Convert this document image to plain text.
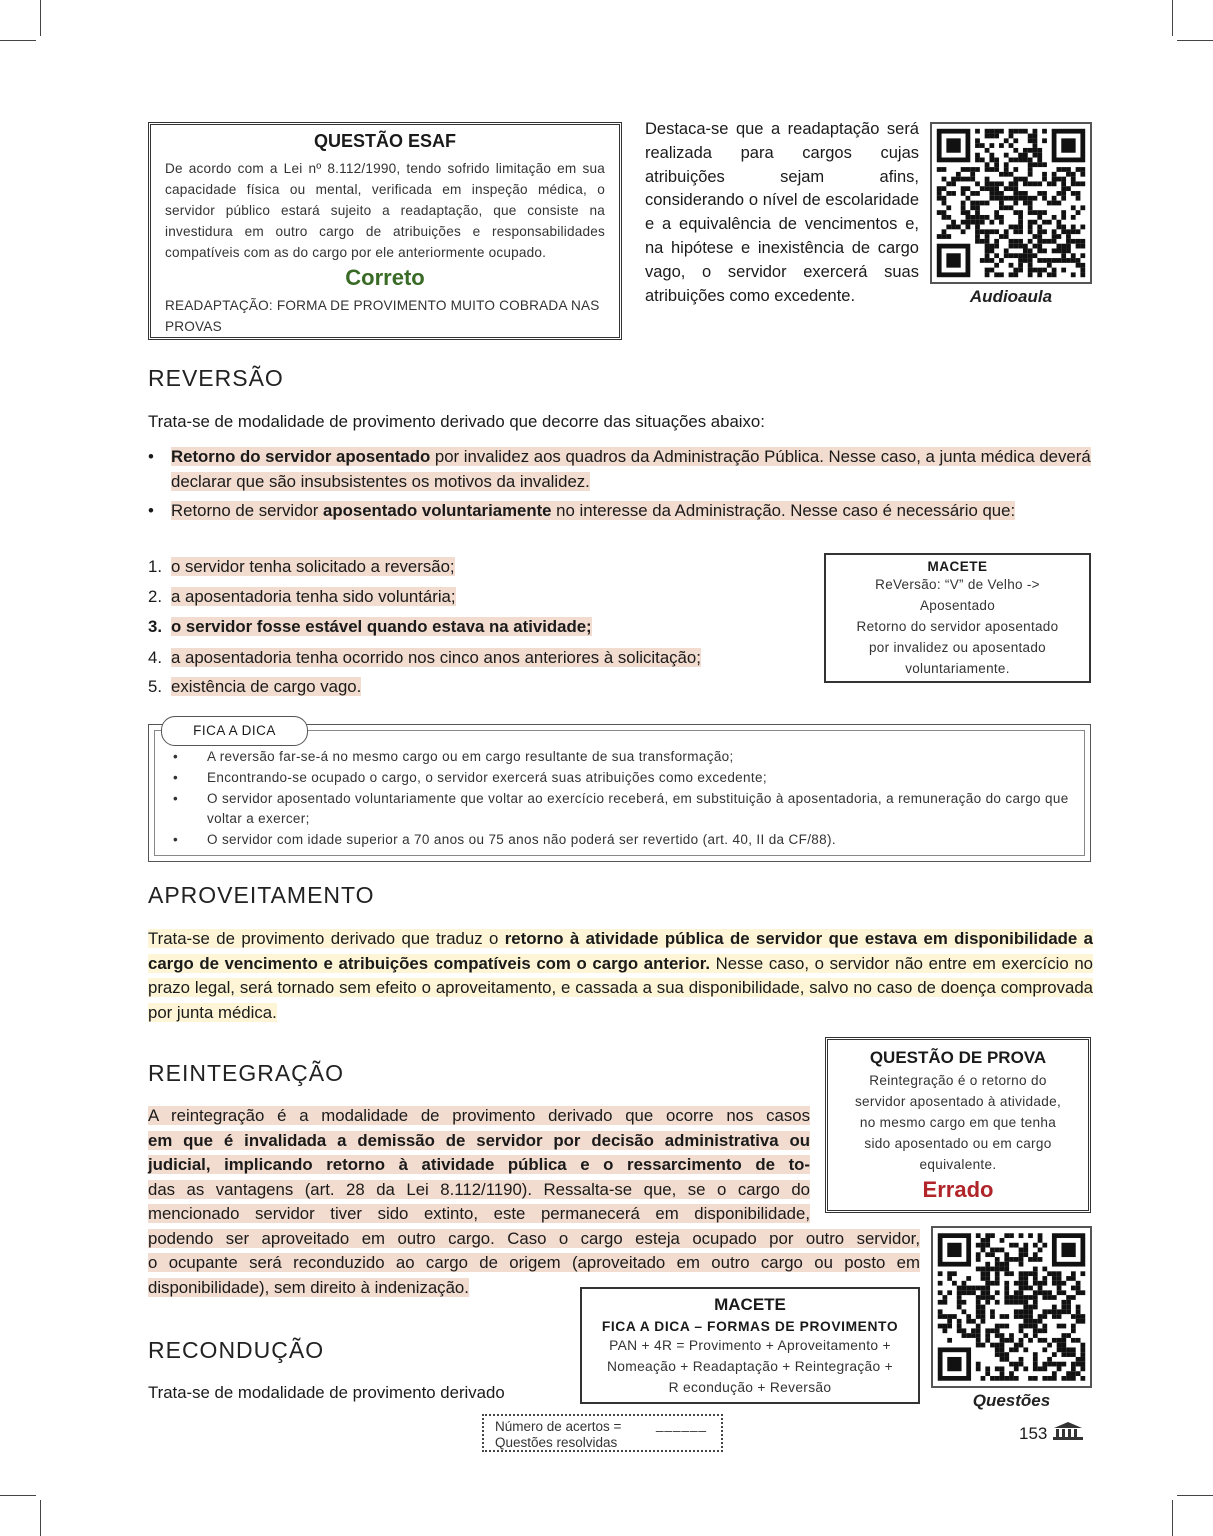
QUESTÃO ESAF
De acordo com a Lei nº 8.112/1990, tendo sofrido limitação em sua capacidade física ou mental, verificada em inspeção médica, o servidor público estará sujeito a readaptação, que consiste na investidura em outro cargo de atribuições e responsabilidades compatíveis com as do cargo por ele anteriormente ocupado.
Correto
READAPTAÇÃO: FORMA DE PROVIMENTO MUITO COBRADA NAS PROVAS
Destaca-se que a readaptação será realizada para cargos cujas atribuições sejam afins, considerando o nível de escolaridade e a equivalência de vencimentos e, na hipótese e inexistência de cargo vago, o servidor exercerá suas atribuições como excedente.	Audioaula
REVERSÃO
Trata-se de modalidade de provimento derivado que decorre das situações abaixo:
• Retorno do servidor aposentado por invalidez aos quadros da Administração Pública. Nesse caso, a junta médica deverá declarar que são insubsistentes os motivos da invalidez.
• Retorno de servidor aposentado voluntariamente no interesse da Administração. Nesse caso é necessário que:
1. o servidor tenha solicitado a reversão;
2. a aposentadoria tenha sido voluntária;
3. o servidor fosse estável quando estava na atividade;
4. a aposentadoria tenha ocorrido nos cinco anos anteriores à solicitação;
5. existência de cargo vago.
MACETE
ReVersão: “V” de Velho ->
Aposentado
Retorno do servidor aposentado
por invalidez ou aposentado
voluntariamente.
FICA A DICA
• A reversão far-se-á no mesmo cargo ou em cargo resultante de sua transformação;
• Encontrando-se ocupado o cargo, o servidor exercerá suas atribuições como excedente;
• O servidor aposentado voluntariamente que voltar ao exercício receberá, em substituição à aposentadoria, a remuneração do cargo que voltar a exercer;
• O servidor com idade superior a 70 anos ou 75 anos não poderá ser revertido (art. 40, II da CF/88).
APROVEITAMENTO
Trata-se de provimento derivado que traduz o retorno à atividade pública de servidor que estava em disponibilidade a cargo de vencimento e atribuições compatíveis com o cargo anterior. Nesse caso, o servidor não entre em exercício no prazo legal, será tornado sem efeito o aproveitamento, e cassada a sua disponibilidade, salvo no caso de doença comprovada por junta médica.
REINTEGRAÇÃO
A reintegração é a modalidade de provimento derivado que ocorre nos casos
em que é invalidada a demissão de servidor por decisão administrativa ou
judicial, implicando retorno à atividade pública e o ressarcimento de to-
das as vantagens (art. 28 da Lei 8.112/1190). Ressalta-se que, se o cargo do
mencionado servidor tiver sido extinto, este permanecerá em disponibilidade,
podendo ser aproveitado em outro cargo. Caso o cargo esteja ocupado por outro servidor,
o ocupante será reconduzido ao cargo de origem (aproveitado em outro cargo ou posto em
disponibilidade), sem direito à indenização.
QUESTÃO DE PROVA
Reintegração é o retorno do
servidor aposentado à atividade,
no mesmo cargo em que tenha
sido aposentado ou em cargo
equivalente.
Errado
Questões
RECONDUÇÃO
Trata-se de modalidade de provimento derivado
MACETE
FICA A DICA – FORMAS DE PROVIMENTO
PAN + 4R = Provimento + Aproveitamento +
Nomeação + Readaptação + Reintegração +
R econdução + Reversão
Número de acertos =
Questões resolvidas
______	153
